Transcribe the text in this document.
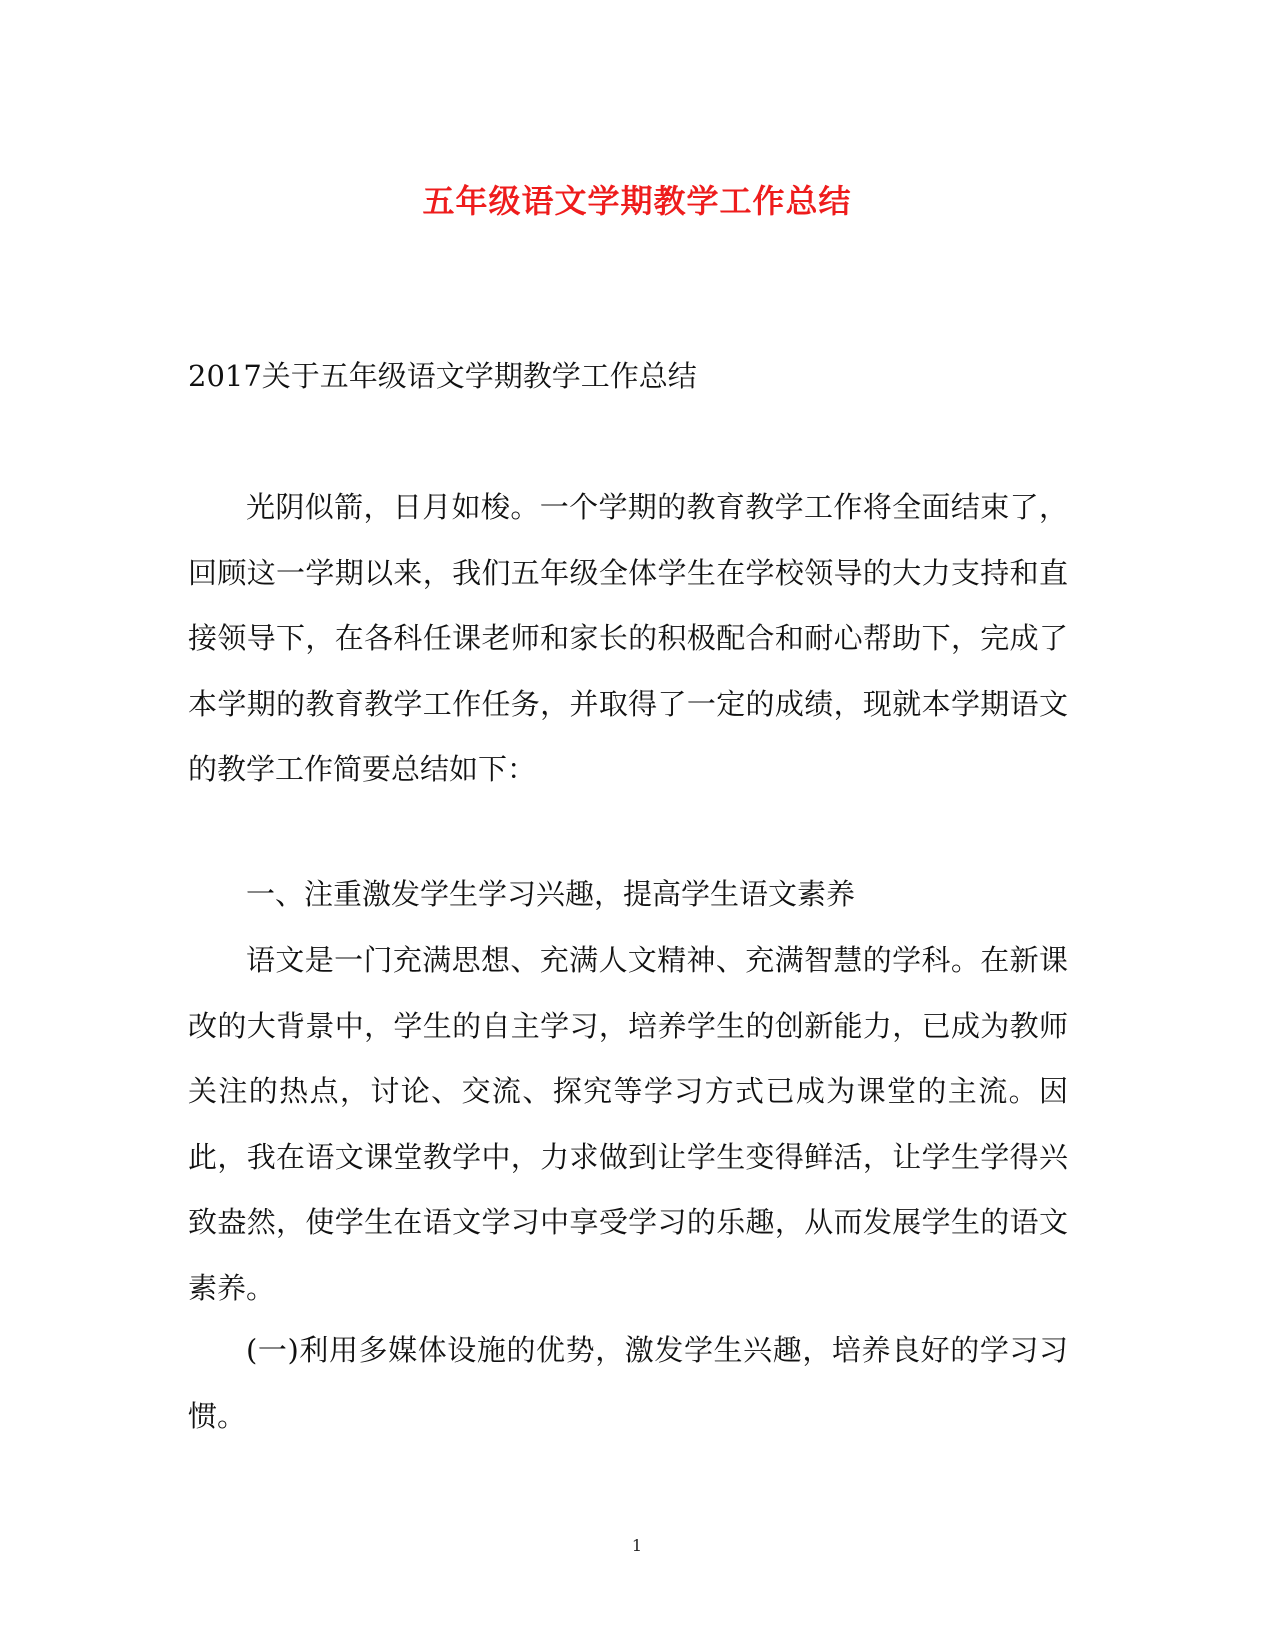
五年级语文学期教学工作总结
2017关于五年级语文学期教学工作总结

光阴似箭，日月如梭。一个学期的教育教学工作将全面结束了，回顾这一学期以来，我们五年级全体学生在学校领导的大力支持和直接领导下，在各科任课老师和家长的积极配合和耐心帮助下，完成了本学期的教育教学工作任务，并取得了一定的成绩，现就本学期语文的教学工作简要总结如下：

一、注重激发学生学习兴趣，提高学生语文素养

语文是一门充满思想、充满人文精神、充满智慧的学科。在新课改的大背景中，学生的自主学习，培养学生的创新能力，已成为教师关注的热点，讨论、交流、探究等学习方式已成为课堂的主流。因此，我在语文课堂教学中，力求做到让学生变得鲜活，让学生学得兴致盎然，使学生在语文学习中享受学习的乐趣，从而发展学生的语文素养。

(一)利用多媒体设施的优势，激发学生兴趣，培养良好的学习习惯。

1
